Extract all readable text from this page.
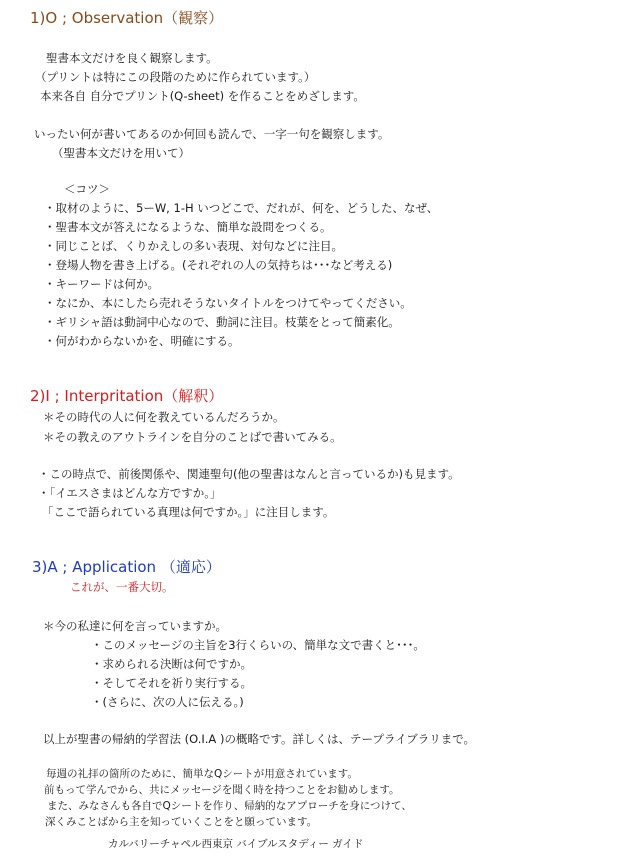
1)O ; Observation（観察）
聖書本文だけを良く観察します。
（プリントは特にこの段階のために作られています。）
本来各自 自分でプリント(Q-sheet) を作ることをめざします。
いったい何が書いてあるのか何回も読んで、一字一句を観察します。
（聖書本文だけを用いて）
＜コツ＞
・取材のように、5ーW, 1-H いつどこで、だれが、何を、どうした、なぜ、
・聖書本文が答えになるような、簡単な設問をつくる。
・同じことば、くりかえしの多い表現、対句などに注目。
・登場人物を書き上げる。(それぞれの人の気持ちは･･･など考える)
・キーワードは何か。
・なにか、本にしたら売れそうないタイトルをつけてやってください。
・ギリシャ語は動詞中心なので、動詞に注目。枝葉をとって簡素化。
・何がわからないかを、明確にする。
2)I ; Interpritation（解釈）
＊その時代の人に何を教えているんだろうか。
＊その教えのアウトラインを自分のことばで書いてみる。
・この時点で、前後関係や、関連聖句(他の聖書はなんと言っているか)も見ます。
・「イエスさまはどんな方ですか。」
「ここで語られている真理は何ですか。」に注目します。
3)A ; Application （適応）
これが、一番大切。
＊今の私達に何を言っていますか。
・このメッセージの主旨を3行くらいの、簡単な文で書くと･･･。
・求められる決断は何ですか。
・そしてそれを祈り実行する。
・(さらに、次の人に伝える。)
以上が聖書の帰納的学習法 (O.I.A )の概略です。詳しくは、テープライブラリまで。
毎週の礼拝の箇所のために、簡単なQシートが用意されています。
前もって学んでから、共にメッセージを聞く時を持つことをお勧めします。
また、みなさんも各自でQシートを作り、帰納的なアプローチを身につけて、
深くみことばから主を知っていくことをと願っています。
カルバリーチャペル西東京 バイブルスタディー ガイド
